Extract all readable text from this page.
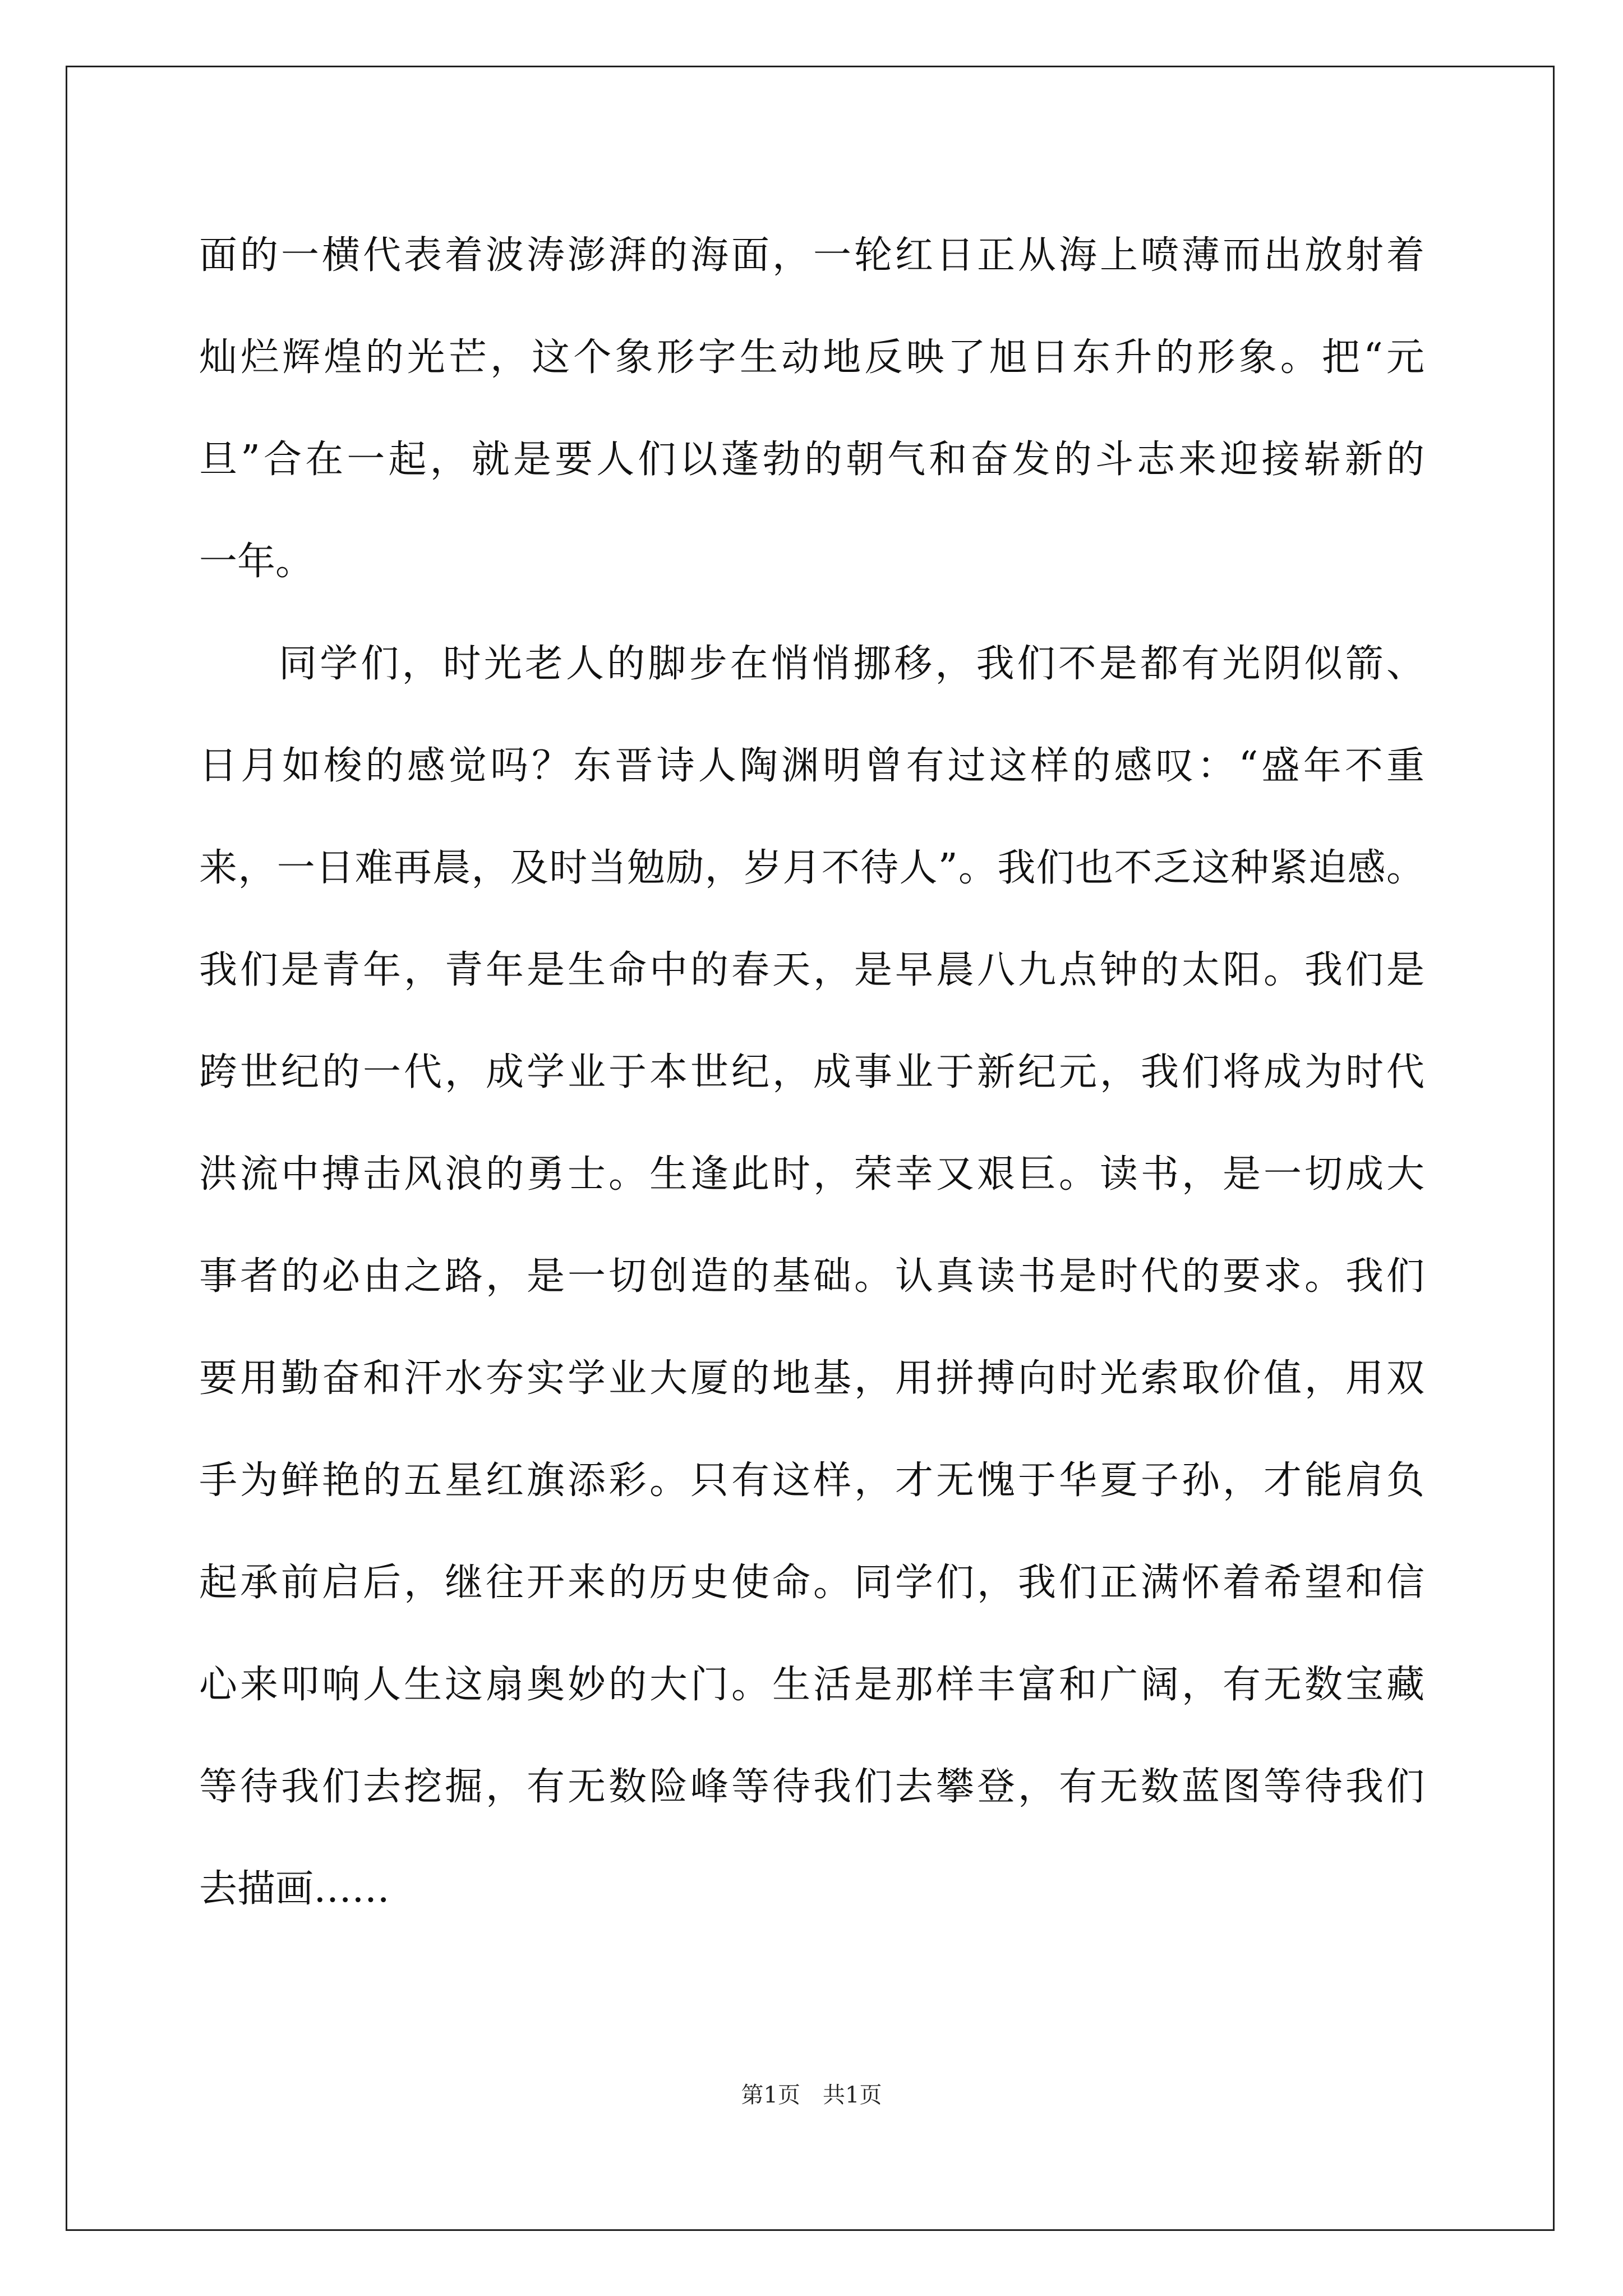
面的一横代表着波涛澎湃的海面，一轮红日正从海上喷薄而出放射着
灿烂辉煌的光芒，这个象形字生动地反映了旭日东升的形象。把“元
旦”合在一起，就是要人们以蓬勃的朝气和奋发的斗志来迎接崭新的
一年。
同学们，时光老人的脚步在悄悄挪移，我们不是都有光阴似箭、
日月如梭的感觉吗？东晋诗人陶渊明曾有过这样的感叹：“盛年不重
来，一日难再晨，及时当勉励，岁月不待人”。我们也不乏这种紧迫感。
我们是青年，青年是生命中的春天，是早晨八九点钟的太阳。我们是
跨世纪的一代，成学业于本世纪，成事业于新纪元，我们将成为时代
洪流中搏击风浪的勇士。生逢此时，荣幸又艰巨。读书，是一切成大
事者的必由之路，是一切创造的基础。认真读书是时代的要求。我们
要用勤奋和汗水夯实学业大厦的地基，用拼搏向时光索取价值，用双
手为鲜艳的五星红旗添彩。只有这样，才无愧于华夏子孙，才能肩负
起承前启后，继往开来的历史使命。同学们，我们正满怀着希望和信
心来叩响人生这扇奥妙的大门。生活是那样丰富和广阔，有无数宝藏
等待我们去挖掘，有无数险峰等待我们去攀登，有无数蓝图等待我们
去描画……
第1页 共1页
